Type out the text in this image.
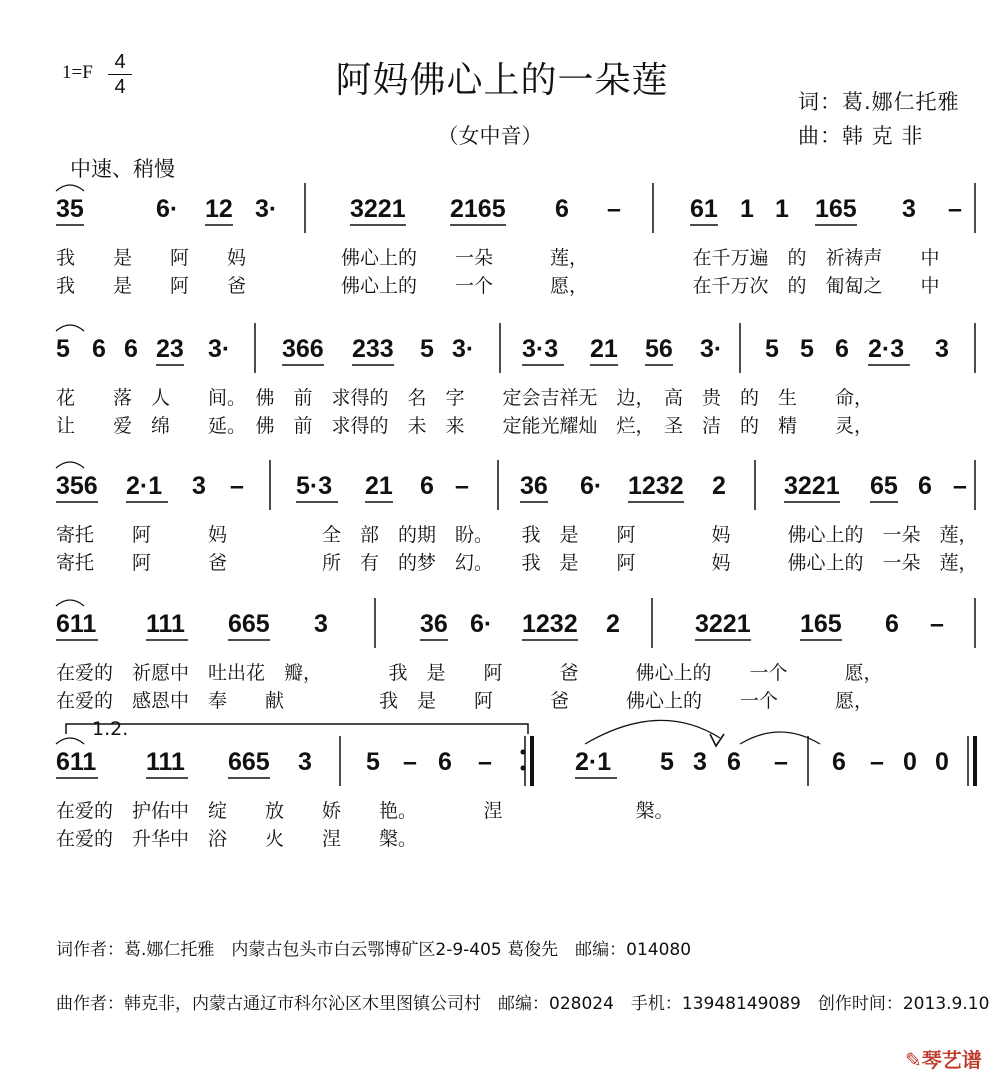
$1=F \frac{4}{4}$	阿妈佛心上的一朵莲
（女中音）
词：葛.娜仁托雅
曲：韩 克 非
中速、稍慢
35	6· 12 3·	3221 2165 6 –	61 1 1 165 3 –
我　　是　　阿　　妈　　　　　佛心上的　　一朵　　　莲，　　　　　　在千万遍　的　祈祷声　　中
我　　是　　阿　　爸　　　　　佛心上的　　一个　　　愿，　　　　　　在千万次　的　匍匐之　　中
5 6 6 23 3· 366 233 5 3· 3·3 21 56 3· 5 5 6 2·3 3
花　　落　人　　间。　佛　前　求得的　名　字　　定会吉祥无　边，　高　贵　的　生　　命，
让　　爱　绵　　延。　佛　前　求得的　未　来　　定能光耀灿　烂，　圣　洁　的　精　　灵，
356 2·1 3 – 5·3 21 6 – 36 6· 1232 2 3221 65 6 –
寄托　　阿　　　妈　　　　　全　部　的期　盼。　　我　是　　阿　　　　妈　　　佛心上的　一朵　莲，
寄托　　阿　　　爸　　　　　所　有　的梦　幻。　　我　是　　阿　　　　妈　　　佛心上的　一朵　莲，
611 111 665 3	36 6· 1232 2	3221 165 6 –
在爱的　祈愿中　吐出花　瓣，　　　　我　是　　阿　　　爸　　　佛心上的　　一个　　　愿，
在爱的　感恩中　奉　　献　　　　　我　是　　阿　　　爸　　　佛心上的　　一个　　　愿，
611 111 665 3 5 – 6 –	2·1 5 3 6 – 6 – 0 0
在爱的　护佑中　绽　　放　　娇　　艳。　　　　涅　　　　　　　槃。
在爱的　升华中　浴　　火　　涅　　槃。
1.2.
词作者：葛.娜仁托雅　内蒙古包头市白云鄂博矿区2-9-405 葛俊先　邮编：014080
曲作者：韩克非，内蒙古通辽市科尔沁区木里图镇公司村　邮编：028024　手机：13948149089　创作时间：2013.9.10
✎琴艺谱
